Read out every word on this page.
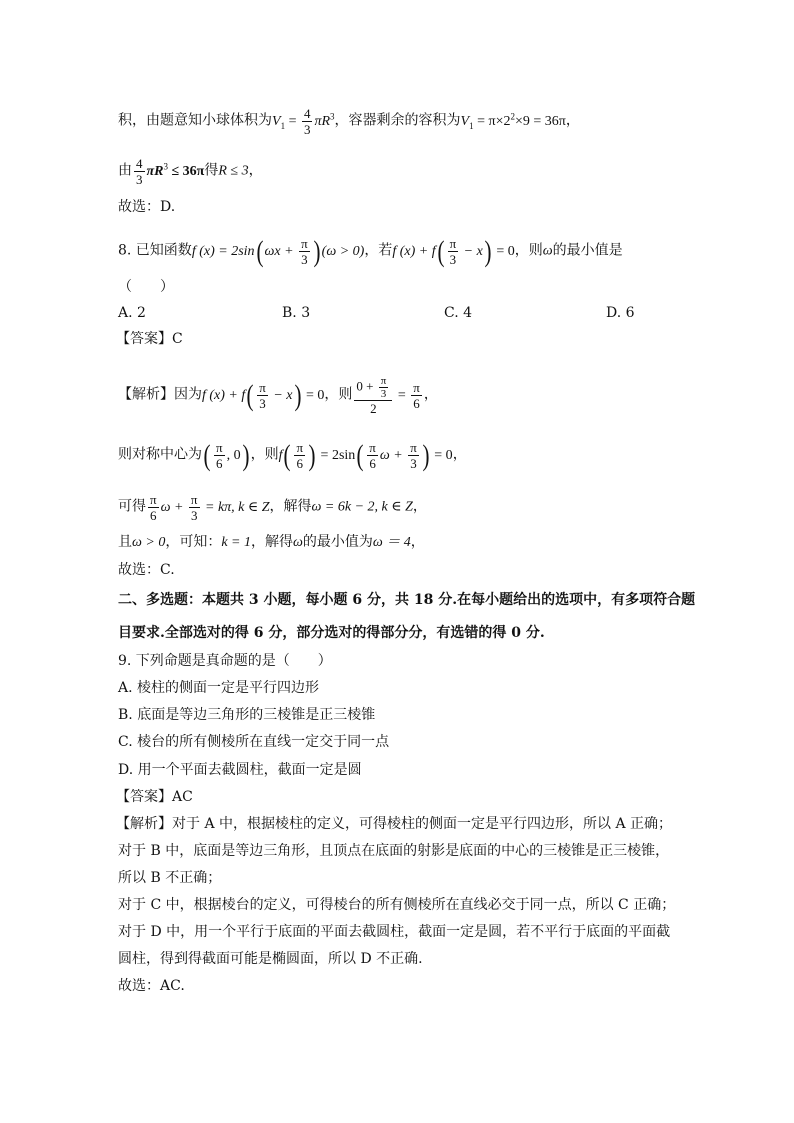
积，由题意知小球体积为$V_1 = \frac{4}{3} \pi R^3$，容器剩余的容积为$V_1 = \pi\times 2^2\times 9 = 36\pi$，
由 $\frac{4}{3} \pi R^3 \le 36\pi$得R ≤ 3，
故选：D.
8. 已知函数f (x) = 2sin( $\omega x + \frac{\pi}{3}$ ) (ω > 0)，若f $(x) + f( \frac{\pi}{3} - x) = 0$，则ω的最小值是
（　　）
A. 2	B. 3	C. 4	D. 6
【答案】C
【解析】因为f $(x) + f( \frac{\pi}{3} - x) = 0$，则 $\frac{0 + \frac{\pi}{3}}{2} = \frac{\pi}{6}$ ，
则对称中心为( $\frac{\pi}{6}$ , 0) ，则$f( \frac{\pi}{6}$ ) = $2\sin( \frac{\pi}{6}$ $\omega + \frac{\pi}{3}$ ) = 0，
可得 $\frac{\pi}{6}$ $\omega + \frac{\pi}{3} = k\pi$, k ∈ Z，解得ω = 6k − 2, k ∈ Z，
且ω > 0，可知：k = 1，解得ω的最小值为ω ＝ 4，
故选：C.
二、多选题：本题共 3 小题，每小题 6 分，共 18 分.在每小题给出的选项中，有多项符合题
目要求.全部选对的得 6 分，部分选对的得部分分，有选错的得 0 分.
9. 下列命题是真命题的是（　　）
A. 棱柱的侧面一定是平行四边形
B. 底面是等边三角形的三棱锥是正三棱锥
C. 棱台的所有侧棱所在直线一定交于同一点
D. 用一个平面去截圆柱，截面一定是圆
【答案】AC
【解析】对于 A 中，根据棱柱的定义，可得棱柱的侧面一定是平行四边形，所以 A 正确；
对于 B 中，底面是等边三角形，且顶点在底面的射影是底面的中心的三棱锥是正三棱锥，
所以 B 不正确；
对于 C 中，根据棱台的定义，可得棱台的所有侧棱所在直线必交于同一点，所以 C 正确；
对于 D 中，用一个平行于底面的平面去截圆柱，截面一定是圆，若不平行于底面的平面截
圆柱，得到得截面可能是椭圆面，所以 D 不正确.
故选：AC.
